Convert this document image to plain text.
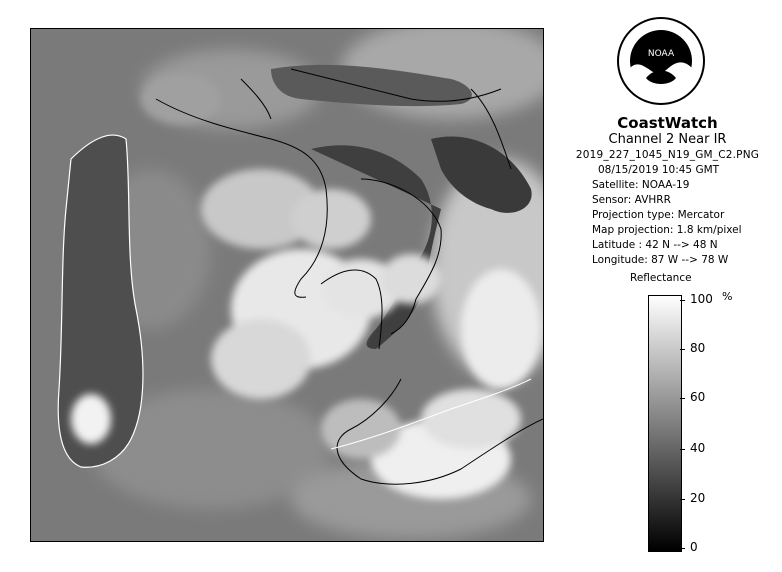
NOAA
CoastWatch
Channel 2 Near IR
2019_227_1045_N19_GM_C2.PNG
08/15/2019 10:45 GMT
Satellite: NOAA-19
Sensor: AVHRR
Projection type: Mercator
Map projection: 1.8 km/pixel
Latitude : 42 N --> 48 N
Longitude: 87 W --> 78 W
Reflectance
%
100
80
60
40
20
0
